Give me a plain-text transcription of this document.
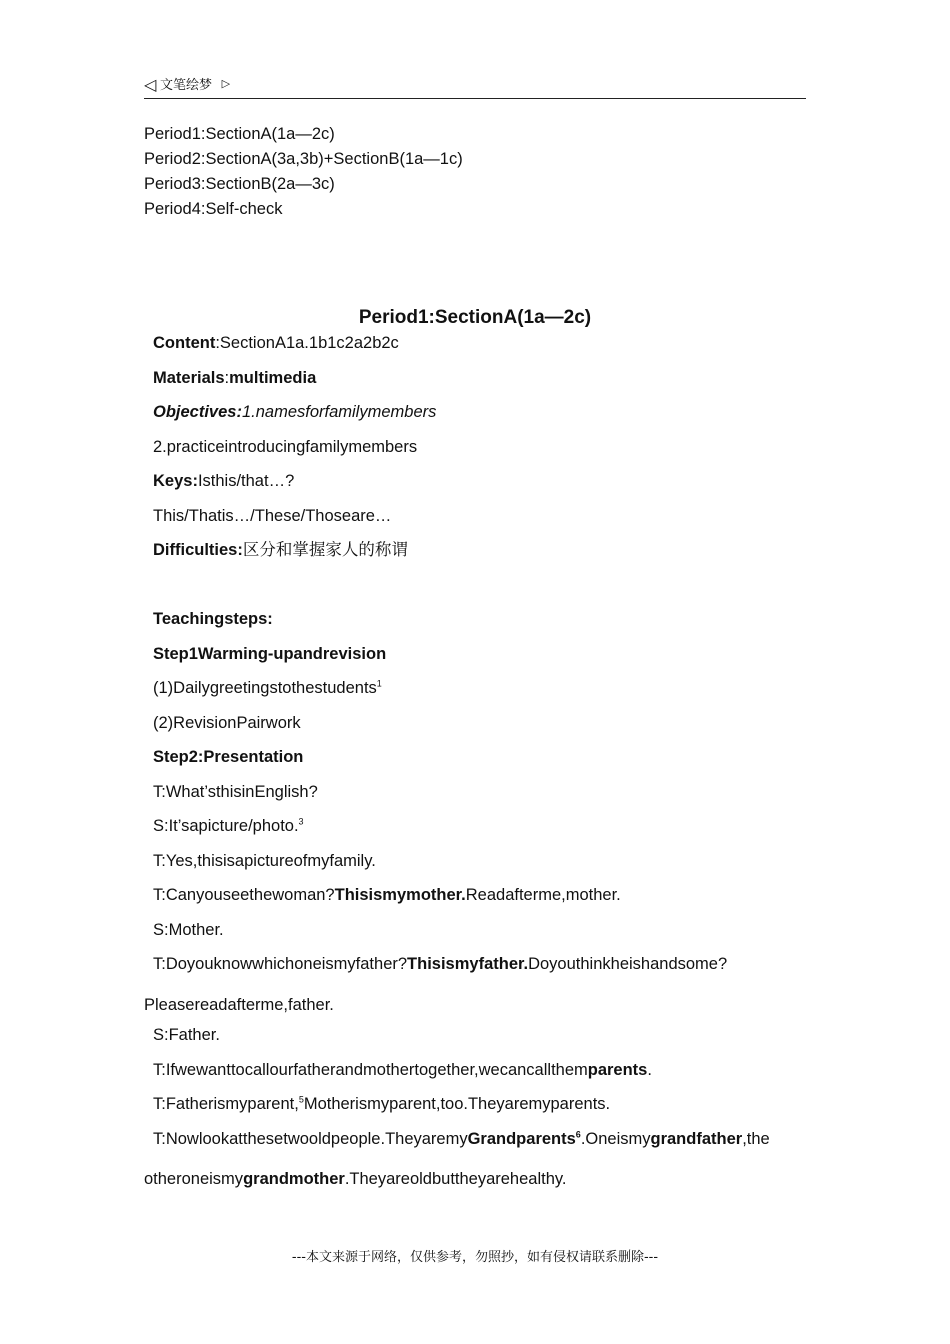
◁ 文笔绘梦 ▷
Period1:SectionA(1a—2c)
Period2:SectionA(3a,3b)+SectionB(1a—1c)
Period3:SectionB(2a—3c)
Period4:Self-check
Period1:SectionA(1a—2c)
Content:SectionA1a.1b1c2a2b2c
Materials:multimedia
Objectives:1.namesforfamilymembers
2.practiceintroducingfamilymembers
Keys:Isthis/that…?
This/Thatis…/These/Thoseare…
Difficulties:区分和掌握家人的称谓
Teachingsteps:
Step1Warming-upandrevision
(1)Dailygreetingstothestudents$^1$
(2)RevisionPairwork
Step2:Presentation
T:What’sthisinEnglish?
S:It’sapicture/photo.$^3$
T:Yes,thisisapictureofmyfamily.
T:Canyouseethewoman?Thisismymother.Readafterme,mother.
S:Mother.
T:Doyouknowwhichoneismyfather?Thisismyfather.Doyouthinkheishandsome?
Pleasereadafterme,father.
S:Father.
T:Ifwewanttocallourfatherandmothertogether,wecancallthemparents.
T:Fatherismyparent,$^5$Motherismyparent,too.Theyaremyparents.
T:Nowlookatthesetwooldpeople.TheyaremyGrandparents$^6$.Oneismygrandfather,the
otheroneismygrandmother.Theyareoldbuttheyarehealthy.
---本文来源于网络，仅供参考，勿照抄，如有侵权请联系删除---
